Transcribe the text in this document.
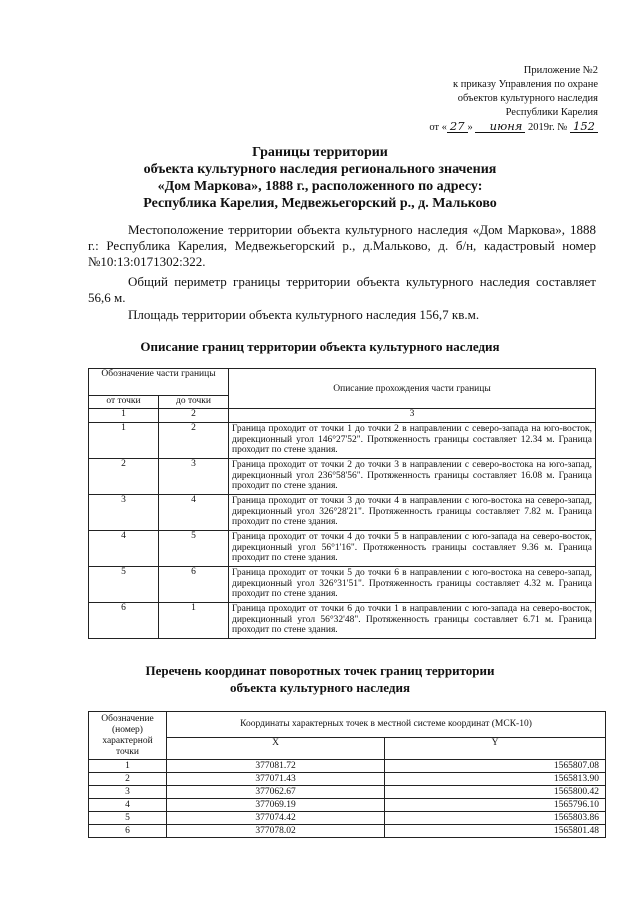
Приложение №2
к приказу Управления по охране
объектов культурного наследия
Республики Карелия
от « 27 » июня 2019г. № 152
Границы территории
объекта культурного наследия регионального значения
«Дом Маркова», 1888 г., расположенного по адресу:
Республика Карелия, Медвежьегорский р., д. Мальково
Местоположение территории объекта культурного наследия «Дом Маркова», 1888 г.: Республика Карелия, Медвежьегорский р., д.Мальково, д. б/н, кадастровый номер №10:13:0171302:322.
Общий периметр границы территории объекта культурного наследия составляет 56,6 м.
Площадь территории объекта культурного наследия 156,7 кв.м.
Описание границ территории объекта культурного наследия
Обозначение части границы		Описание прохождения части границы
от точки	до точки	
1	2	3
1	2	Граница проходит от точки 1 до точки 2 в направлении с северо-запада на юго-восток, дирекционный угол 146°27'52". Протяженность границы составляет 12.34 м. Граница проходит по стене здания.
2	3	Граница проходит от точки 2 до точки 3 в направлении с северо-востока на юго-запад, дирекционный угол 236°58'56". Протяженность границы составляет 16.08 м. Граница проходит по стене здания.
3	4	Граница проходит от точки 3 до точки 4 в направлении с юго-востока на северо-запад, дирекционный угол 326°28'21". Протяженность границы составляет 7.82 м. Граница проходит по стене здания.
4	5	Граница проходит от точки 4 до точки 5 в направлении с юго-запада на северо-восток, дирекционный угол 56°1'16". Протяженность границы составляет 9.36 м. Граница проходит по стене здания.
5	6	Граница проходит от точки 5 до точки 6 в направлении с юго-востока на северо-запад, дирекционный угол 326°31'51". Протяженность границы составляет 4.32 м. Граница проходит по стене здания.
6	1	Граница проходит от точки 6 до точки 1 в направлении с юго-запада на северо-восток, дирекционный угол 56°32'48". Протяженность границы составляет 6.71 м. Граница проходит по стене здания.
Перечень координат поворотных точек границ территории
объекта культурного наследия
Обозначение (номер) характерной точки	Координаты характерных точек в местной системе координат (МСК-10)	
	X	Y
1	377081.72	1565807.08
2	377071.43	1565813.90
3	377062.67	1565800.42
4	377069.19	1565796.10
5	377074.42	1565803.86
6	377078.02	1565801.48
